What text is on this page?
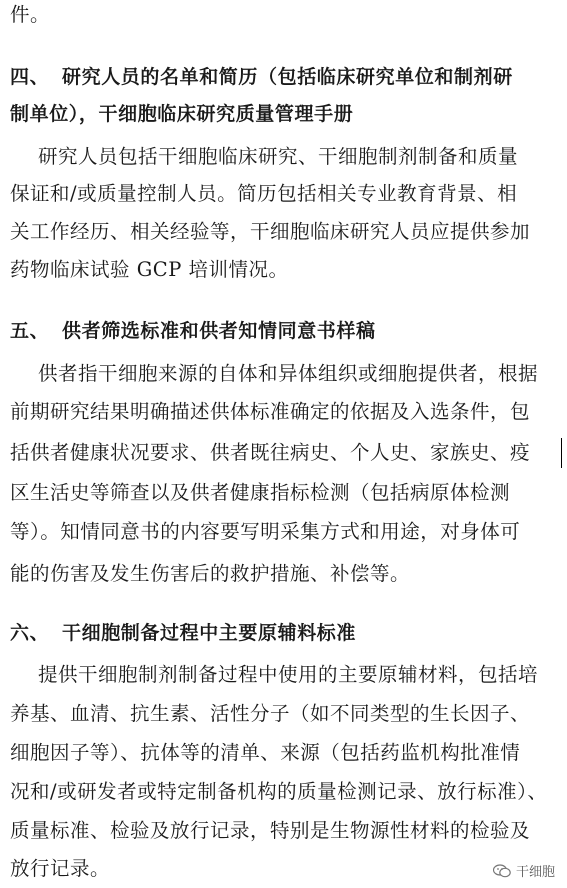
件。
四、 研究人员的名单和简历（包括临床研究单位和制剂研
制单位），干细胞临床研究质量管理手册
研究人员包括干细胞临床研究、干细胞制剂制备和质量
保证和/或质量控制人员。简历包括相关专业教育背景、相
关工作经历、相关经验等，干细胞临床研究人员应提供参加
药物临床试验 GCP 培训情况。
五、 供者筛选标准和供者知情同意书样稿
供者指干细胞来源的自体和异体组织或细胞提供者，根据
前期研究结果明确描述供体标准确定的依据及入选条件，包
括供者健康状况要求、供者既往病史、个人史、家族史、疫
区生活史等筛查以及供者健康指标检测（包括病原体检测
等）。知情同意书的内容要写明采集方式和用途，对身体可
能的伤害及发生伤害后的救护措施、补偿等。
六、 干细胞制备过程中主要原辅料标准
提供干细胞制剂制备过程中使用的主要原辅材料，包括培
养基、血清、抗生素、活性分子（如不同类型的生长因子、
细胞因子等）、抗体等的清单、来源（包括药监机构批准情
况和/或研发者或特定制备机构的质量检测记录、放行标准）、
质量标准、检验及放行记录，特别是生物源性材料的检验及
放行记录。	干细胞
